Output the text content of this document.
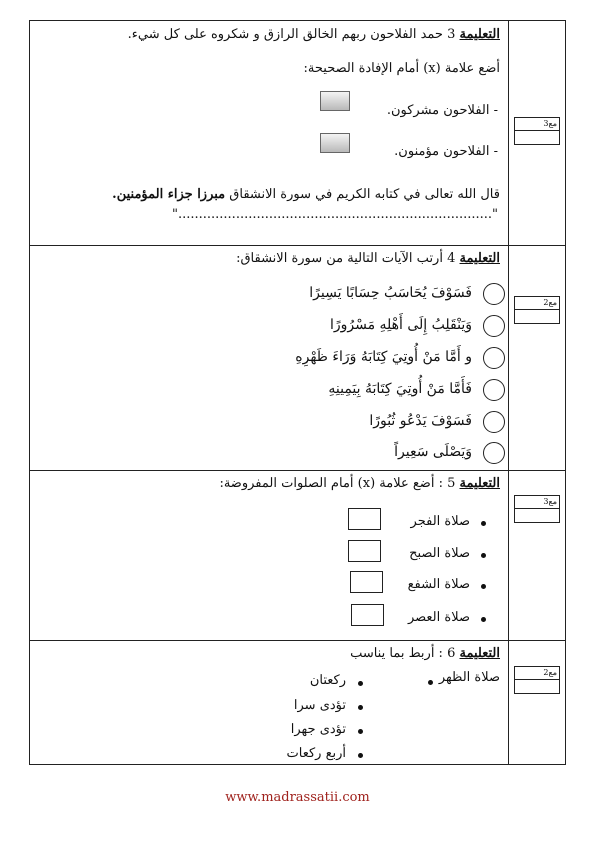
التعليمة 3 حمد الفلاحون ربهم الخالق الرازق و شكروه على كل شيء.
أضع علامة (x) أمام الإفادة الصحيحة:
- الفلاحون مشركون.
- الفلاحون مؤمنون.
قال الله تعالى في كتابه الكريم في سورة الانشقاق مبرزا جزاء المؤمنين.
"............................................................................"
التعليمة 4 أرتب الآيات التالية من سورة الانشقاق:
فَسَوْفَ يُحَاسَبُ حِسَابًا يَسِيرًا
وَيَنْقَلِبُ إِلَى أَهْلِهِ مَسْرُورًا
و أَمَّا مَنْ أُوتِيَ كِتَابَهُ وَرَاءَ ظَهْرِهِ
فَأَمَّا مَنْ أُوتِيَ كِتَابَهُ بِيَمِينِهِ
فَسَوْفَ يَدْعُو ثُبُورًا
وَيَصْلَى سَعِيراً
التعليمة 5 : أضع علامة (x) أمام الصلوات المفروضة:
صلاة الفجر
صلاة الصبح
صلاة الشفع
صلاة العصر
التعليمة 6 : أربط بما يناسب
صلاة الظهر
ركعتان
تؤدى سرا
تؤدى جهرا
أربع ركعات
مع3
مع2
مع3
مع2
www.madrassatii.com
